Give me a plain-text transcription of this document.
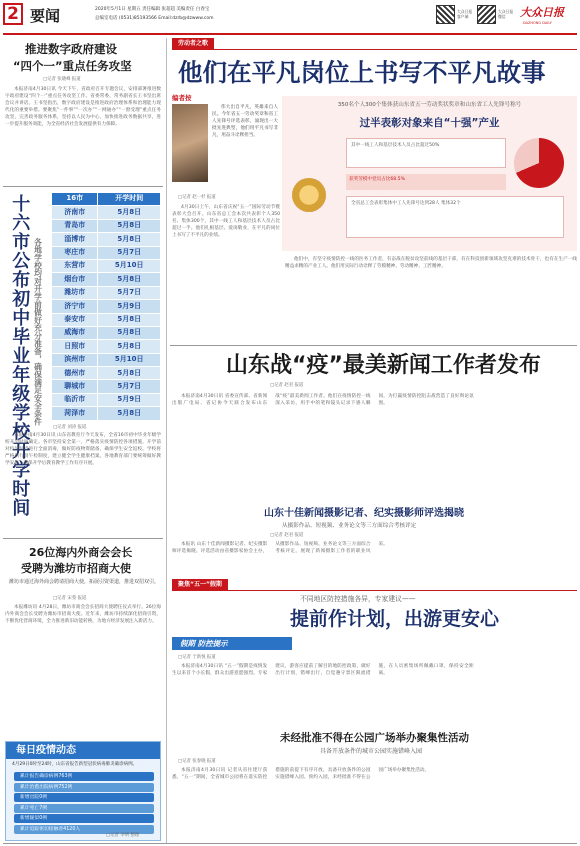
2 要闻	2020年5月1日 星期五 责任编辑 张超超 美编责任 白春宝
总编室电话 (0531)85193566 Email:dzrb@dzwww.com
大众日报客户端
大众日报微信	大众日报
DAZHONG DAILY
推进数字政府建设
“四个一”重点任务攻坚
□记者 张晓峰 报道

本报济南4月30日讯 今天下午，省政府召开专题会议，安排部署推进数字政府建设“四个一”重点任务攻坚工作。省委常委、常务副省长王书坚出席会议并讲话。王书坚指出，数字政府建设是推进政府治理体系和治理能力现代化的重要举措。要聚焦“一件事”“一次办”“一网通办”“一窗受理”重点任务攻坚，完善政务服务体系，坚持以人民为中心，加快推进政务数据共享，进一步提升服务效能，为全省经济社会发展提供有力保障。

十六市公布初中毕业年级学校开学时间 各地学校均对开学前做好充分准备，确保满足安全条件
16市	开学时间
济南市	5月8日
青岛市	5月8日
淄博市	5月8日
枣庄市	5月7日
东营市	5月10日
烟台市	5月8日
潍坊市	5月7日
济宁市	5月9日
泰安市	5月8日
威海市	5月8日
日照市	5月8日
滨州市	5月10日
德州市	5月8日
聊城市	5月7日
临沂市	5月9日
菏泽市	5月8日
□记者 刘涛 报道

本报济南4月30日讯 山东省教育厅今天发布，全省16市初中毕业年级学校开学时间确定。各市坚持安全第一，严格落实疫情防控各项措施，开学前对校园环境进行全面消毒，做好防疫物资储备，确保学生安全返校。学校将严格执行晨午检制度，建立健全学生健康档案。各地教育部门要统筹做好教学安排，确保开学后教育教学工作有序开展。

26位海内外商会会长
受聘为潍坊市招商大使
潍坊市通过海外商会聘请招商大使，拓展引资渠道，推进双招双引。
□记者 宋弢 报道

本报潍坊讯 4月28日，潍坊市商会会长招商大使聘任仪式举行。26位海内外商会会长受聘为潍坊市招商大使。近年来，潍坊市持续深化招商引资，不断优化营商环境，全力推进新旧动能转换，为地方经济发展注入新活力。

每日疫情动态
4月29日0时至24时，山东省报告新型冠状病毒肺炎确诊病例。
累计报告确诊病例763例
累计治愈出院病例752例
新增出院0例
累计死亡7例
新增疑似0例
累计追踪密切接触者4120人
□记者 李明 整理
劳动者之歌
他们在平凡岗位上书写不平凡故事
编者按

伟大出自平凡，英雄来自人民。今年省五一劳动奖章和省工人先锋号评选表彰，涌现出一大批先进典型，他们用平凡书写非凡，用奋斗诠释担当。

□记者 赵一杉 报道
350名个人300个集体获山东省五一劳动奖状奖章和山东省工人先锋号称号
过半表彰对象来自“十强”产业
其中一线工人和基层技术人员占比超过50%
获奖劳模中党员占比68.5%
全省总工会表彰集体中工人先锋号达到28人 集体32个

4月30日上午，山东省庆祝“五一”国际劳动节暨表彰大会召开。山东省总工会本次共表彰个人350名、集体300个，其中一线工人和基层技术人员占比超过一半。他们扎根基层、爱岗敬业，在平凡的岗位上书写了不平凡的业绩。

他们中，有坚守疫情防控一线的医务工作者，有奋战在脱贫攻坚前线的基层干部，有在科技创新领域攻坚克难的技术骨干，也有在生产一线精益求精的产业工人。他们用实际行动诠释了劳模精神、劳动精神、工匠精神。

山东战“疫”最美新闻工作者发布
□记者 赵君 报道

本报济南4月30日讯 省委宣传部、省新闻出版广电局、省记协今天联合发布山东战“疫”最美新闻工作者。他们在疫情防控一线深入采访，用手中的笔和镜头记录下感人瞬间，为打赢疫情防控阻击战营造了良好舆论氛围。

山东十佳新闻摄影记者、纪实摄影师评选揭晓
从摄影作品、短视频、业务论文等三方面综合考核评定
□记者 赵君 报道

本报讯 山东十佳新闻摄影记者、纪实摄影师评选揭晓。评选活动由省摄影家协会主办，从摄影作品、短视频、业务论文等三方面综合考核评定，展现了新闻摄影工作者的职业风采。

聚焦“五一”假期
不同地区防控措施各异，专家建议——
提前作计划，出游更安心
假期 防控提示
□记者 于新悦 报道

本报济南4月30日讯 “五一”假期是疫情发生以来首个小长假，群众出游意愿强烈。专家建议，游客应提前了解目的地防控政策，做好出行计划，错峰出行，自觉遵守景区限流措施，在人员密集场所佩戴口罩，保持安全距离。

未经批准不得在公园广场举办聚集性活动
具备开放条件的城市公园实施错峰入园
□记者 张春晓 报道

本报济南4月30日讯 记者从省住建厅获悉，“五一”期间，全省城市公园将在落实防控措施的前提下有序开放，具备开放条件的公园实施错峰入园、预约入园，未经批准不得在公园广场举办聚集性活动。
